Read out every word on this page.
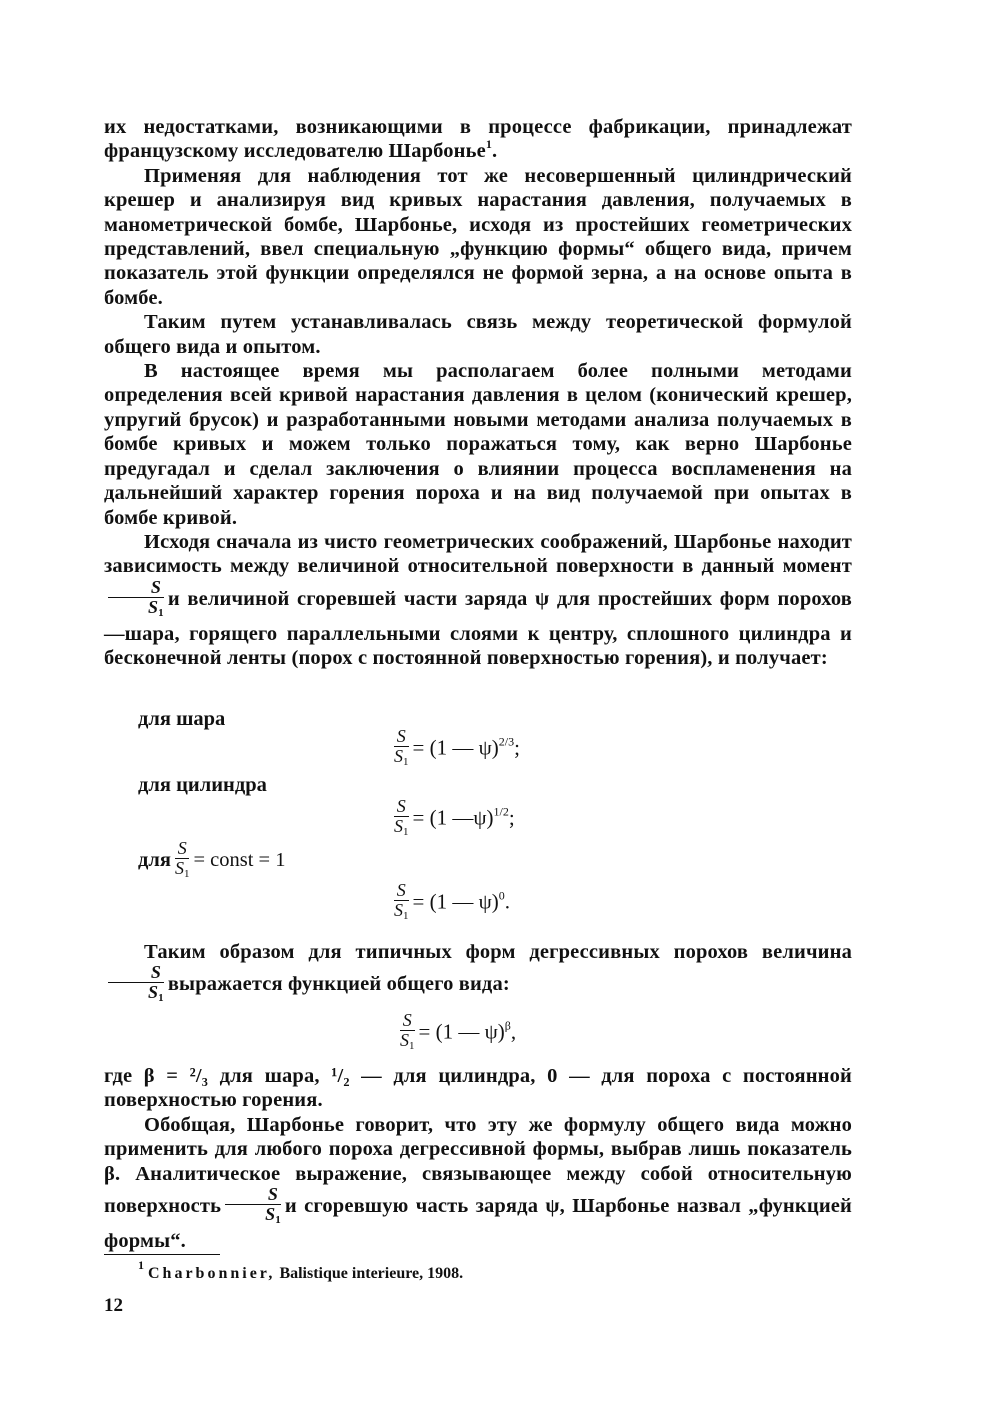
их недостатками, возникающими в процессе фабрикации, принадлежат французскому исследователю Шарбонье$^1$.

Применяя для наблюдения тот же несовершенный цилиндрический крешер и анализируя вид кривых нарастания давления, получаемых в манометрической бомбе, Шарбонье, исходя из простейших геометрических представлений, ввел специальную „функцию формы“ общего вида, причем показатель этой функции определялся не формой зерна, а на основе опыта в бомбе.

Таким путем устанавливалась связь между теоретической формулой общего вида и опытом.

В настоящее время мы располагаем более полными методами определения всей кривой нарастания давления в целом (конический крешер, упругий брусок) и разработанными новыми методами анализа получаемых в бомбе кривых и можем только поражаться тому, как верно Шарбонье предугадал и сделал заключения о влиянии процесса воспламенения на дальнейший характер горения пороха и на вид получаемой при опытах в бомбе кривой.

Исходя сначала из чисто геометрических соображений, Шарбонье находит зависимость между величиной относительной поверхности в данный момент
$\frac{S}{S_1}$ и величиной сгоревшей части заряда ψ для простейших форм порохов—шара, горящего параллельными слоями к центру, сплошного цилиндра и бесконечной ленты (порох с постоянной поверхностью горения), и получает:

для шара
$\frac{S}{S_1} = (1$ — ψ)$^{2/3}$;
для цилиндра
$\frac{S}{S_1} = (1$ —ψ)$^{1/2}$;
для $\frac{S}{S_1}$ = const = 1
$\frac{S}{S_1} = (1$ — ψ)$^0$.

Таким образом для типичных форм дегрессивных порохов величина
$\frac{S}{S_1}$ выражается функцией общего вида:

$\frac{S}{S_1} = (1$ — ψ)$^\beta$,

где β = ²/₃ для шара, ¹/₂ — для цилиндра, 0 — для пороха с постоянной поверхностью горения.

Обобщая, Шарбонье говорит, что эту же формулу общего вида можно применить для любого пороха дегрессивной формы, выбрав лишь показатель β. Аналитическое выражение, связывающее между собой относительную поверхность $\frac{S}{S_1}$ и сгоревшую часть заряда ψ, Шарбонье назвал „функцией формы“.

$^1$ Charbonnier, Balistique interieure, 1908.
12
